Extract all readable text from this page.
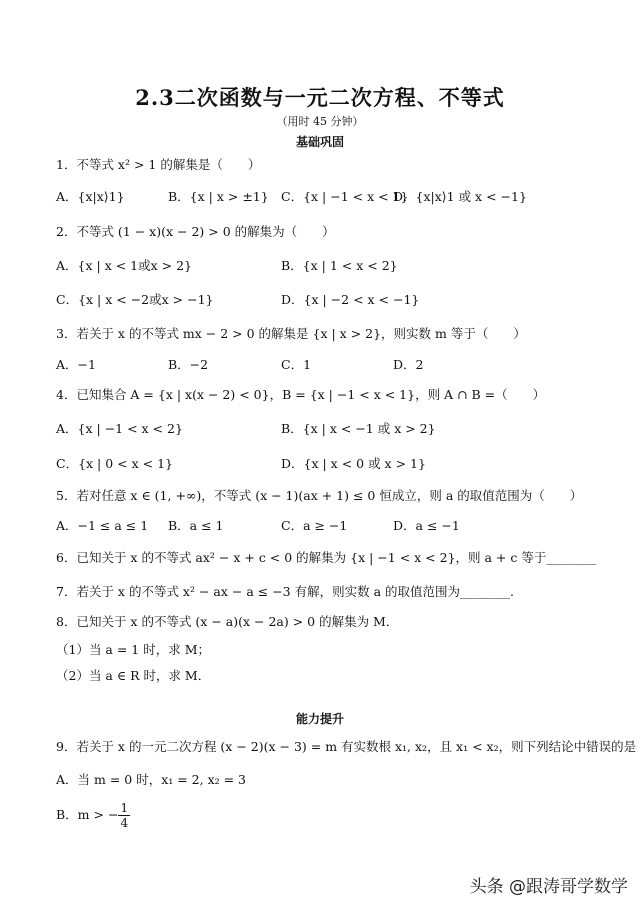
2.3二次函数与一元二次方程、不等式
（用时 45 分钟）
基础巩固
1．不等式 x² > 1 的解集是（　　）
A．{x|x⟩1}	B．{x | x > ±1} C．{x | −1 < x < 1}
D．{x|x⟩1 或 x < −1}
2．不等式 (1 − x)(x − 2) > 0 的解集为（　　）
A．{x | x < 1或x > 2}	B．{x | 1 < x < 2}
C．{x | x < −2或x > −1}	D．{x | −2 < x < −1}
3．若关于 x 的不等式 mx − 2 > 0 的解集是 {x | x > 2}，则实数 m 等于（　　）
A．−1	B．−2	C．1	D．2
4．已知集合 A = {x | x(x − 2) < 0}，B = {x | −1 < x < 1}，则 A ∩ B =（　　）
A．{x | −1 < x < 2}	B．{x | x < −1 或 x > 2}
C．{x | 0 < x < 1}	D．{x | x < 0 或 x > 1}
5．若对任意 x ∈ (1, +∞)，不等式 (x − 1)(ax + 1) ≤ 0 恒成立，则 a 的取值范围为（　　）
A．−1 ≤ a ≤ 1 B．a ≤ 1	C．a ≥ −1	D．a ≤ −1
6．已知关于 x 的不等式 ax² − x + c < 0 的解集为 {x | −1 < x < 2}，则 a + c 等于________
7．若关于 x 的不等式 x² − ax − a ≤ −3 有解，则实数 a 的取值范围为________.
8．已知关于 x 的不等式 (x − a)(x − 2a) > 0 的解集为 M．
（1）当 a = 1 时，求 M；
（2）当 a ∈ R 时，求 M．
能力提升
9．若关于 x 的一元二次方程 (x − 2)(x − 3) = m 有实数根 x₁, x₂，且 x₁ < x₂，则下列结论中错误的是
A．当 m = 0 时，x₁ = 2, x₂ = 3
B．m > − $\frac{1}{4}$
头条 @跟涛哥学数学
